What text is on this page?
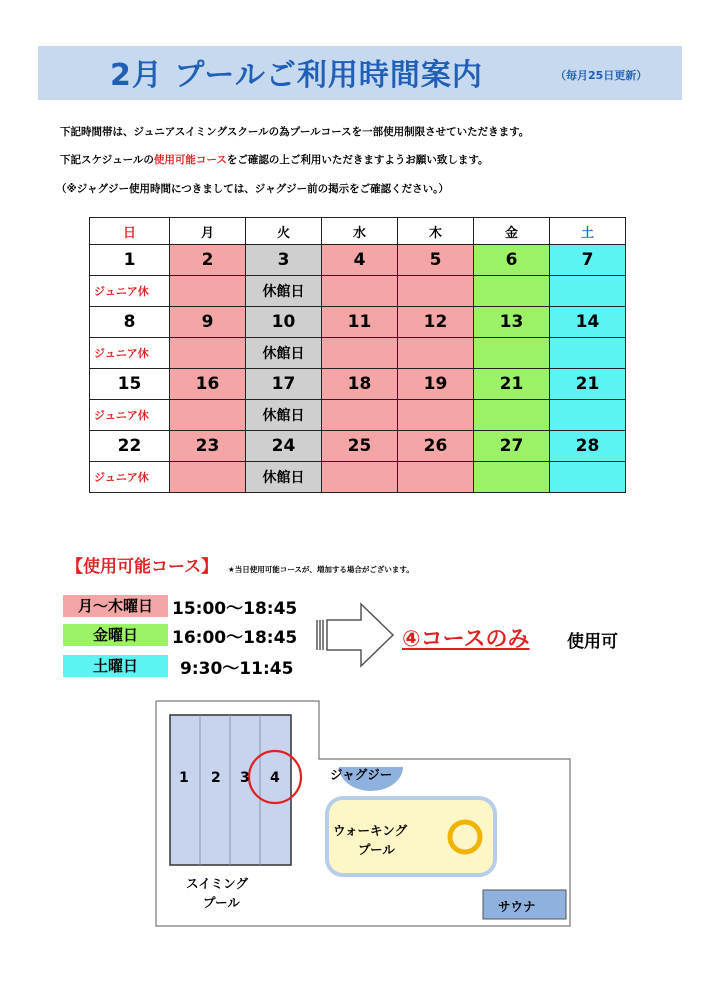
2月 プールご利用時間案内	（毎月25日更新）
下記時間帯は、ジュニアスイミングスクールの為プールコースを一部使用制限させていただきます。
下記スケジュールの使用可能コースをご確認の上ご利用いただきますようお願い致します。
（※ジャグジー使用時間につきましては、ジャグジー前の掲示をご確認ください。）
日	月	火	水	木	金	土
1	2	3	4	5	6	7
ジュニア休		休館日				
8	9	10	11	12	13	14
ジュニア休		休館日				
15	16	17	18	19	21	21
ジュニア休		休館日				
22	23	24	25	26	27	28
ジュニア休		休館日				
【使用可能コース】 ★当日使用可能コースが、増加する場合がございます。
月～木曜日	15:00～18:45
金曜日	16:00～18:45
土曜日	9:30～11:45
④コースのみ 使用可
1 2 3 4
スイミング
プール
ジャグジー
ウォーキング
プール
サウナ
